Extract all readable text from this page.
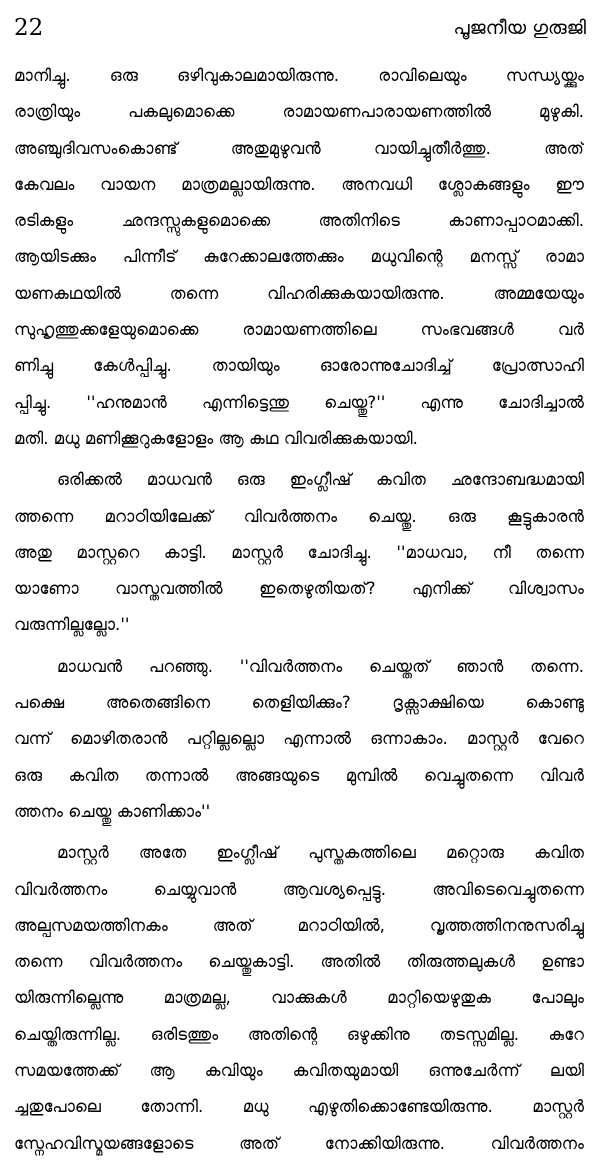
22	പൂജനീയ ഗുരുജി
മാനിച്ചു. ഒരു ഒഴിവുകാലമായിരുന്നു. രാവിലെയും സന്ധ്യയ്ക്കും
രാത്രിയും പകലുമൊക്കെ രാമായണപാരായണത്തിൽ മുഴുകി.
അഞ്ചുദിവസംകൊണ്ട് അതുമുഴുവൻ വായിച്ചുതീർത്തു. അത്
കേവലം വായന മാത്രമല്ലായിരുന്നു. അനവധി ശ്ലോകങ്ങളും ഈ
രടികളും ഛന്ദസ്സുകളുമൊക്കെ അതിനിടെ കാണാപ്പാഠമാക്കി.
ആയിടക്കും പിന്നീട് കുറേക്കാലത്തേക്കും മധുവിന്റെ മനസ്സ് രാമാ
യണകഥയിൽ തന്നെ വിഹരിക്കുകയായിരുന്നു. അമ്മയേയും
സുഹൃത്തുക്കളേയുമൊക്കെ രാമായണത്തിലെ സംഭവങ്ങൾ വർ
ണിച്ചു കേൾപ്പിച്ചു. തായിയും ഓരോന്നുചോദിച്ച് പ്രോത്സാഹി
പ്പിച്ചു. ''ഹനുമാൻ എന്നിട്ടെന്തു ചെയ്തു?'' എന്നു ചോദിച്ചാൽ
മതി. മധു മണിക്കൂറുകളോളം ആ കഥ വിവരിക്കുകയായി.
ഒരിക്കൽ മാധവൻ ഒരു ഇംഗ്ലീഷ് കവിത ഛന്ദോബദ്ധമായി
ത്തന്നെ മറാഠിയിലേക്ക് വിവർത്തനം ചെയ്തു. ഒരു കൂട്ടുകാരൻ
അതു മാസ്റ്ററെ കാട്ടി. മാസ്റ്റർ ചോദിച്ചു. ''മാധവാ, നീ തന്നെ
യാണോ വാസ്തവത്തിൽ ഇതെഴുതിയത്? എനിക്ക് വിശ്വാസം
വരുന്നില്ലല്ലോ.''
മാധവൻ പറഞ്ഞു. ''വിവർത്തനം ചെയ്തത് ഞാൻ തന്നെ.
പക്ഷെ അതെങ്ങിനെ തെളിയിക്കും? ദൃക്സാക്ഷിയെ കൊണ്ടു
വന്ന് മൊഴിതരാൻ പറ്റില്ലല്ലൊ എന്നാൽ ഒന്നാകാം. മാസ്റ്റർ വേറെ
ഒരു കവിത തന്നാൽ അങ്ങയുടെ മുമ്പിൽ വെച്ചുതന്നെ വിവർ
ത്തനം ചെയ്തു കാണിക്കാം''
മാസ്റ്റർ അതേ ഇംഗ്ലീഷ് പുസ്തകത്തിലെ മറ്റൊരു കവിത
വിവർത്തനം ചെയ്യുവാൻ ആവശ്യപ്പെട്ടു. അവിടെവെച്ചുതന്നെ
അല്പസമയത്തിനകം അത് മറാഠിയിൽ, വൃത്തത്തിനനുസരിച്ചു
തന്നെ വിവർത്തനം ചെയ്തുകാട്ടി. അതിൽ തിരുത്തലുകൾ ഉണ്ടാ
യിരുന്നില്ലെന്നു മാത്രമല്ല, വാക്കുകൾ മാറ്റിയെഴുതുക പോലും
ചെയ്തിരുന്നില്ല. ഒരിടത്തും അതിന്റെ ഒഴുക്കിനു തടസ്സമില്ല. കുറേ
സമയത്തേക്ക് ആ കവിയും കവിതയുമായി ഒന്നുചേർന്ന് ലയി
ച്ചതുപോലെ തോന്നി. മധു എഴുതിക്കൊണ്ടേയിരുന്നു. മാസ്റ്റർ
സ്നേഹവിസ്മയങ്ങളോടെ അത് നോക്കിയിരുന്നു. വിവർത്തനം
